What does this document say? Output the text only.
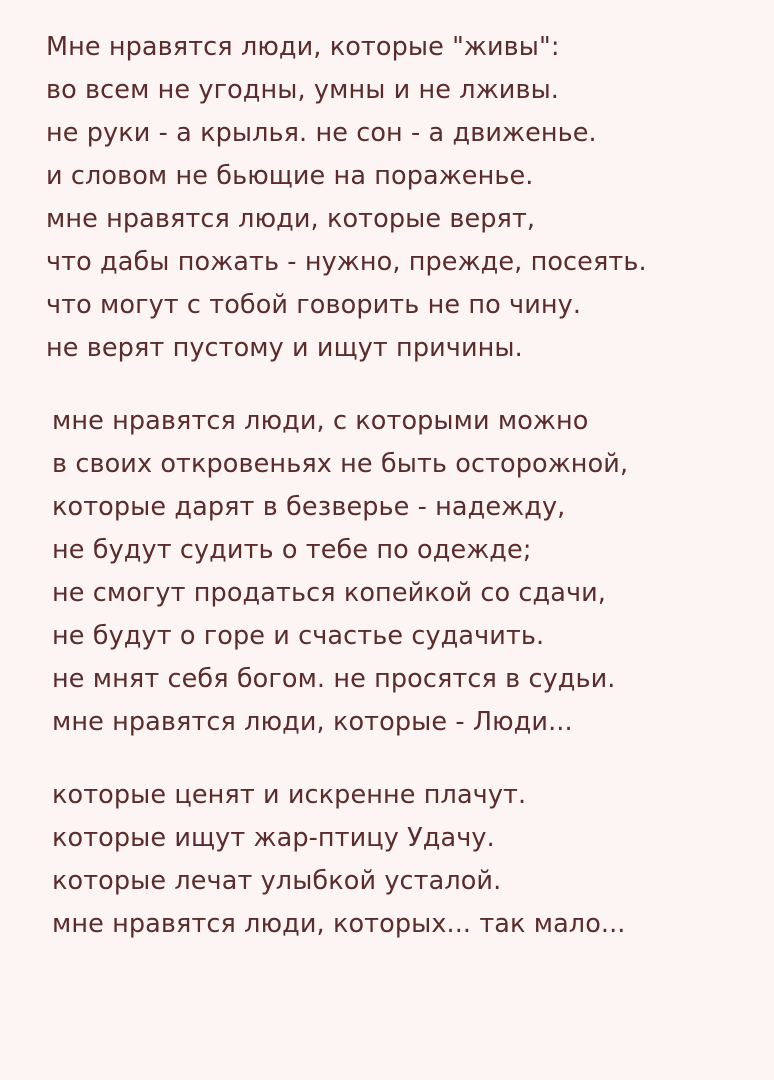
Мне нравятся люди, которые "живы":
во всем не угодны, умны и не лживы.
не руки - а крылья. не сон - а движенье.
и словом не бьющие на пораженье.
мне нравятся люди, которые верят,
что дабы пожать - нужно, прежде, посеять.
что могут с тобой говорить не по чину.
не верят пустому и ищут причины.
мне нравятся люди, с которыми можно
в своих откровеньях не быть осторожной,
которые дарят в безверье - надежду,
не будут судить о тебе по одежде;
не смогут продаться копейкой со сдачи,
не будут о горе и счастье судачить.
не мнят себя богом. не просятся в судьи.
мне нравятся люди, которые - Люди...
которые ценят и искренне плачут.
которые ищут жар-птицу Удачу.
которые лечат улыбкой усталой.
мне нравятся люди, которых... так мало...
